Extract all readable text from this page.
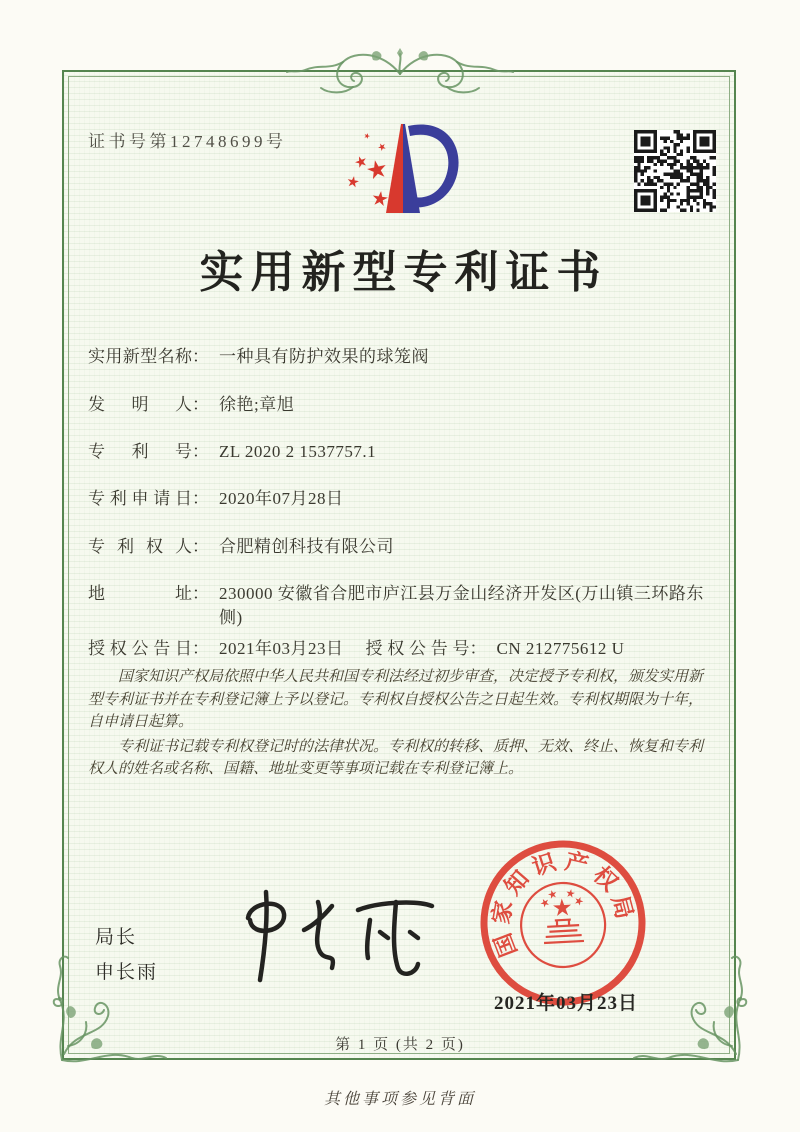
证书号第12748699号
实用新型专利证书
实用新型名称： 一种具有防护效果的球笼阀
发明人： 徐艳;章旭
专利号： ZL 2020 2 1537757.1
专利申请日： 2020年07月28日
专利权人： 合肥精创科技有限公司
地址： 230000 安徽省合肥市庐江县万金山经济开发区(万山镇三环路东侧)
授权公告日： 2021年03月23日 授权公告号： CN 212775612 U

国家知识产权局依照中华人民共和国专利法经过初步审查，决定授予专利权，颁发实用新型专利证书并在专利登记簿上予以登记。专利权自授权公告之日起生效。专利权期限为十年，自申请日起算。

专利证书记载专利权登记时的法律状况。专利权的转移、质押、无效、终止、恢复和专利权人的姓名或名称、国籍、地址变更等事项记载在专利登记簿上。

局长
申长雨
国
家
知
识 产
权
局
2021年03月23日
第 1 页 (共 2 页)
其他事项参见背面
